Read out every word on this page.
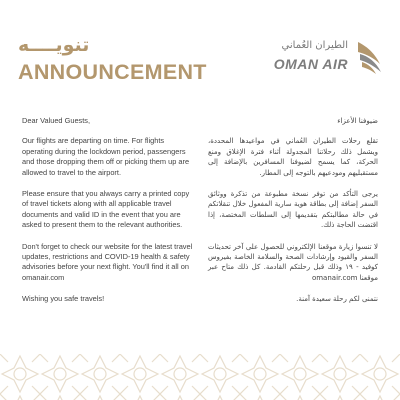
تنويــــه
ANNOUNCEMENT
الطيران العُماني
OMAN AIR

Dear Valued Guests,

Our flights are departing on time. For flights operating during the lockdown period, passengers and those dropping them off or picking them up are allowed to travel to the airport.

Please ensure that you always carry a printed copy of travel tickets along with all applicable travel documents and valid ID in the event that you are asked to present them to the relevant authorities.

Don't forget to check our website for the latest travel updates, restrictions and COVID-19 health & safety advisories before your next flight. You'll find it all on omanair.com

Wishing you safe travels!

ضيوفنا الأعزاء

تقلع رحلات الطيران العُماني في مواعيدها المحددة، ويشمل ذلك رحلاتنا المجدولة أثناء فترة الإغلاق ومنع الحركة، كما يسمح لضيوفنا المسافرين بالإضافة إلى مستقبليهم ومودعيهم بالتوجه إلى المطار.

يرجى التأكد من توفر نسخة مطبوعة من تذكرة ووثائق السفر إضافة إلى بطاقة هوية سارية المفعول خلال تنقلاتكم في حالة مطالبتكم بتقديمها إلى السلطات المختصة، إذا اقتضت الحاجة ذلك.

لا تنسوا زيارة موقعنا الإلكتروني للحصول على آخر تحديثات السفر والقيود وإرشادات الصحة والسلامة الخاصة بفيروس كوفيد - ١٩ وذلك قبل رحلتكم القادمة. كل ذلك متاح عبر موقعنا omanair.com

نتمنى لكم رحلة سعيدة آمنة.
